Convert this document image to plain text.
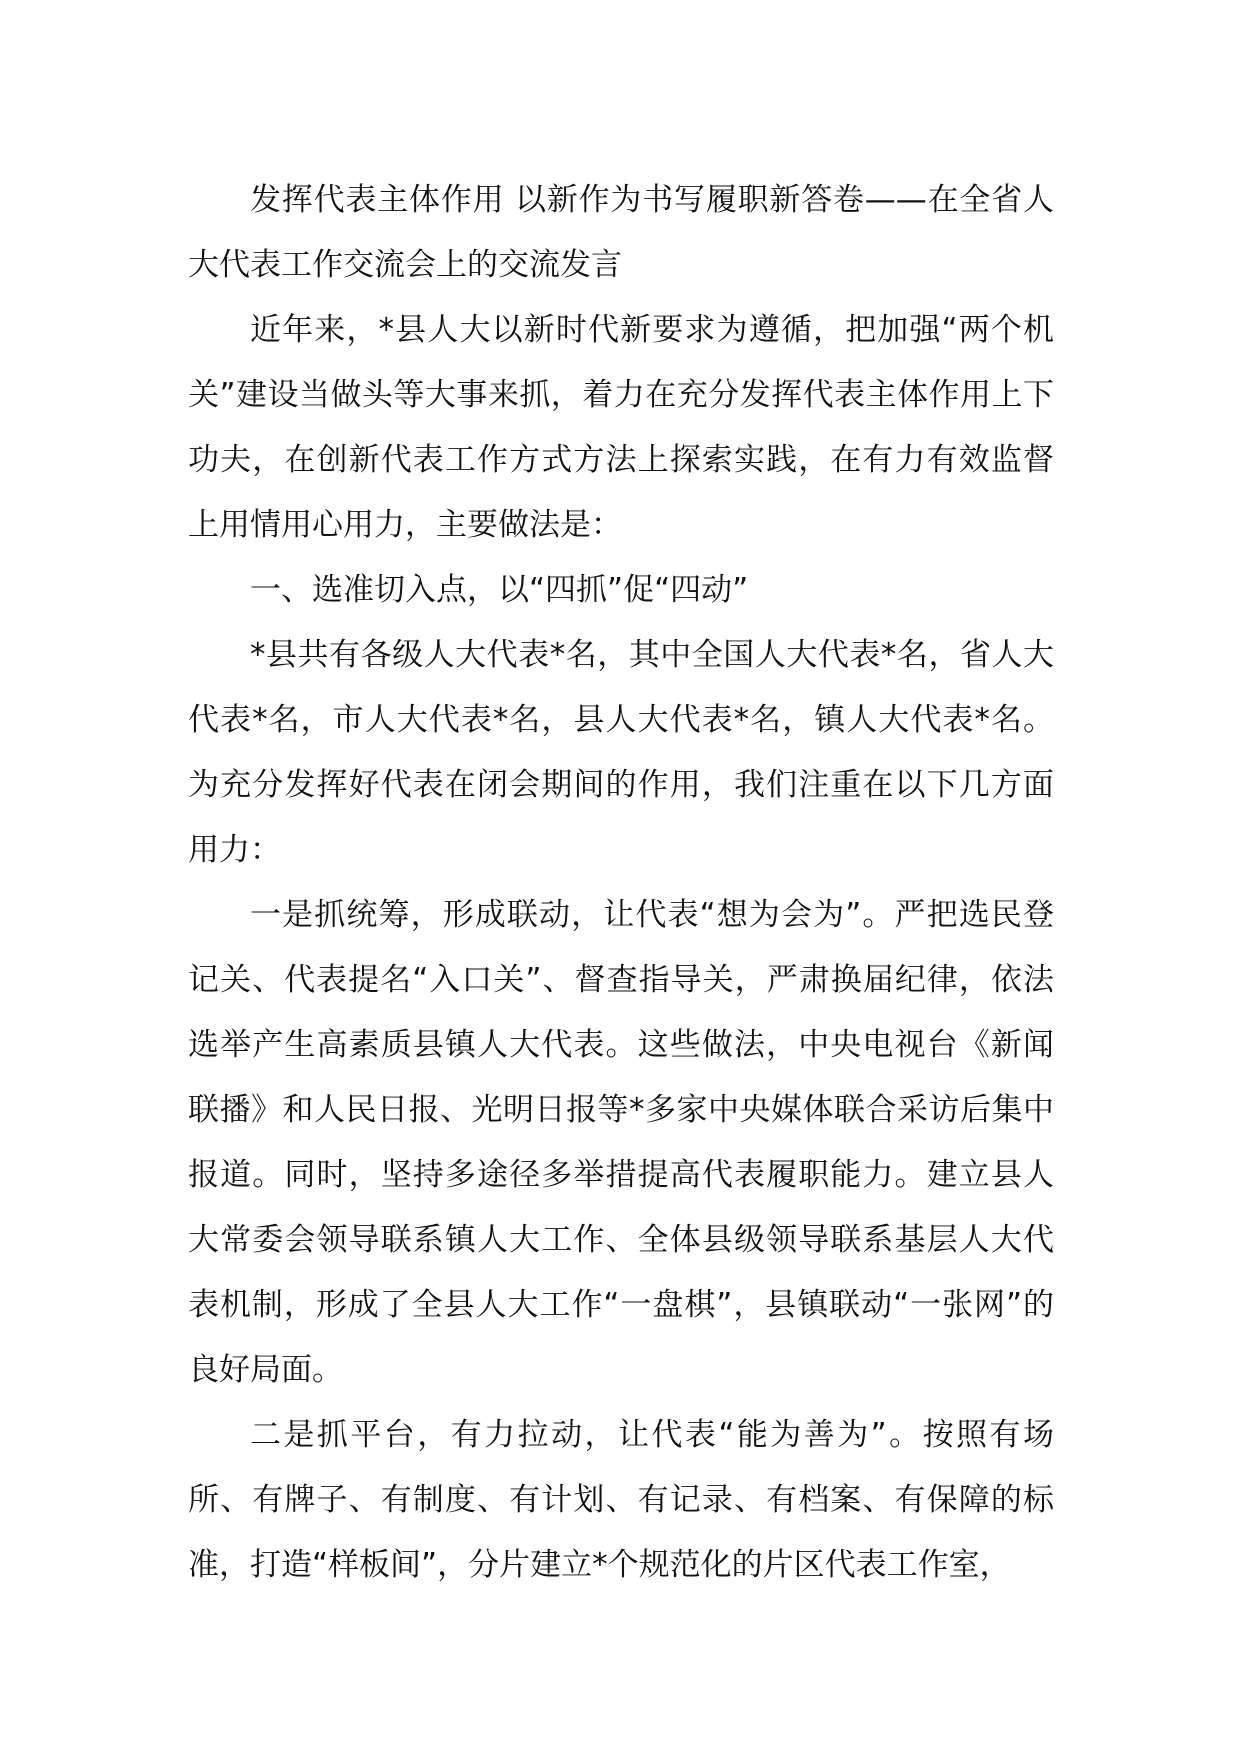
发挥代表主体作用 以新作为书写履职新答卷——在全省人大代表工作交流会上的交流发言

近年来，*县人大以新时代新要求为遵循，把加强“两个机关”建设当做头等大事来抓，着力在充分发挥代表主体作用上下功夫，在创新代表工作方式方法上探索实践，在有力有效监督上用情用心用力，主要做法是：

一、选准切入点，以“四抓”促“四动”

*县共有各级人大代表*名，其中全国人大代表*名，省人大代表*名，市人大代表*名，县人大代表*名，镇人大代表*名。为充分发挥好代表在闭会期间的作用，我们注重在以下几方面用力：

一是抓统筹，形成联动，让代表“想为会为”。严把选民登记关、代表提名“入口关”、督查指导关，严肃换届纪律，依法选举产生高素质县镇人大代表。这些做法，中央电视台《新闻联播》和人民日报、光明日报等*多家中央媒体联合采访后集中报道。同时，坚持多途径多举措提高代表履职能力。建立县人大常委会领导联系镇人大工作、全体县级领导联系基层人大代表机制，形成了全县人大工作“一盘棋”，县镇联动“一张网”的良好局面。

二是抓平台，有力拉动，让代表“能为善为”。按照有场所、有牌子、有制度、有计划、有记录、有档案、有保障的标准，打造“样板间”，分片建立*个规范化的片区代表工作室，
